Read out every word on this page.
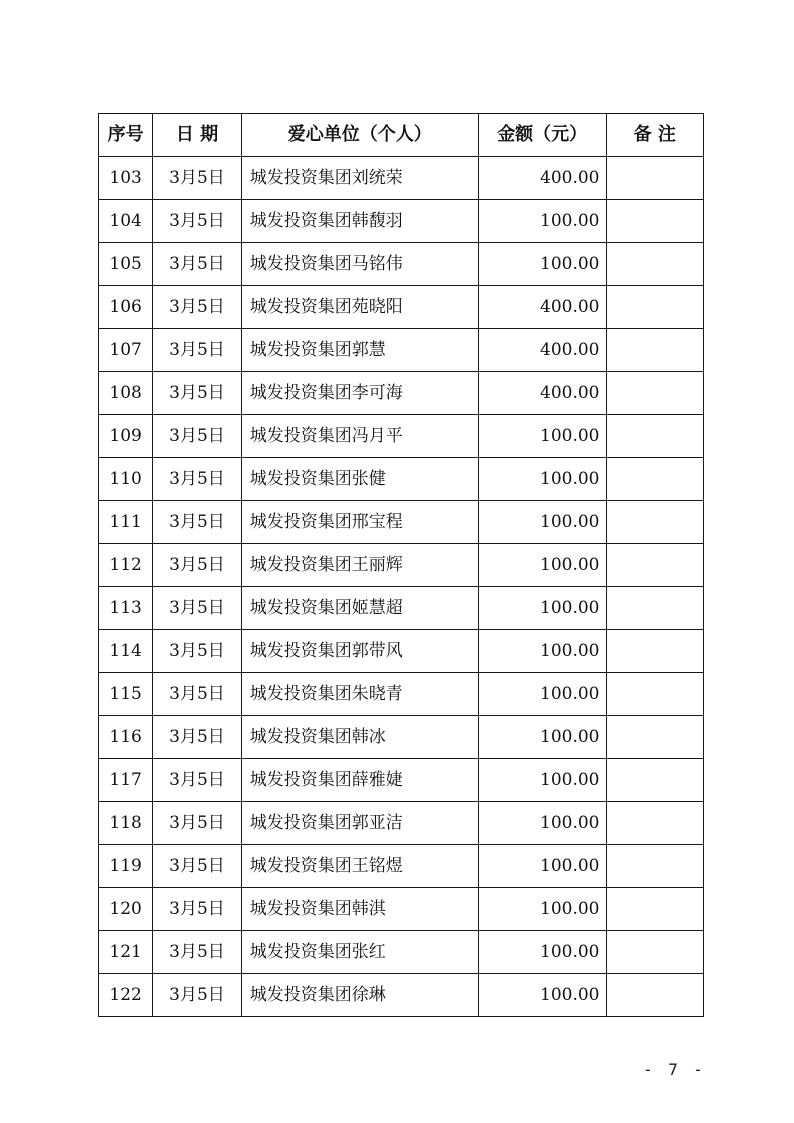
序号	日 期	爱心单位（个人）	金额（元）	备 注
103	3月5日	城发投资集团刘统荣	400.00	
104	3月5日	城发投资集团韩馥羽	100.00	
105	3月5日	城发投资集团马铭伟	100.00	
106	3月5日	城发投资集团苑晓阳	400.00	
107	3月5日	城发投资集团郭慧	400.00	
108	3月5日	城发投资集团李可海	400.00	
109	3月5日	城发投资集团冯月平	100.00	
110	3月5日	城发投资集团张健	100.00	
111	3月5日	城发投资集团邢宝程	100.00	
112	3月5日	城发投资集团王丽辉	100.00	
113	3月5日	城发投资集团姬慧超	100.00	
114	3月5日	城发投资集团郭带风	100.00	
115	3月5日	城发投资集团朱晓青	100.00	
116	3月5日	城发投资集团韩冰	100.00	
117	3月5日	城发投资集团薛雅婕	100.00	
118	3月5日	城发投资集团郭亚洁	100.00	
119	3月5日	城发投资集团王铭煜	100.00	
120	3月5日	城发投资集团韩淇	100.00	
121	3月5日	城发投资集团张红	100.00	
122	3月5日	城发投资集团徐琳	100.00	
- 7 -
